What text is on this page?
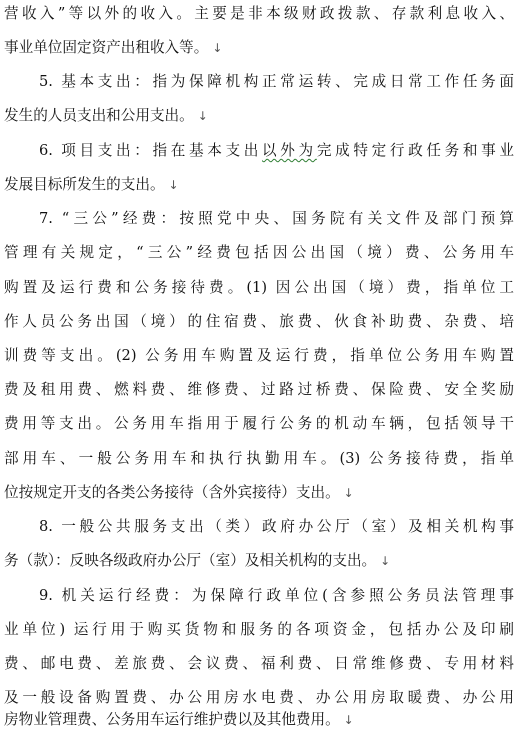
营收入”等以外的收入。主要是非本级财政拨款、存款利息收入、
事业单位固定资产出租收入等。 ↓
5. 基本支出：指为保障机构正常运转、完成日常工作任务面
发生的人员支出和公用支出。 ↓
6. 项目支出：指在基本支出以外为完成特定行政任务和事业
发展目标所发生的支出。 ↓
7. “三公”经费：按照党中央、国务院有关文件及部门预算
管理有关规定，“三公”经费包括因公出国（境）费、公务用车
购置及运行费和公务接待费。(1) 因公出国（境）费，指单位工
作人员公务出国（境）的住宿费、旅费、伙食补助费、杂费、培
训费等支出。(2) 公务用车购置及运行费，指单位公务用车购置
费及租用费、燃料费、维修费、过路过桥费、保险费、安全奖励
费用等支出。公务用车指用于履行公务的机动车辆，包括领导干
部用车、一般公务用车和执行执勤用车。(3) 公务接待费，指单
位按规定开支的各类公务接待（含外宾接待）支出。 ↓
8. 一般公共服务支出（类）政府办公厅（室）及相关机构事
务（款）：反映各级政府办公厅（室）及相关机构的支出。 ↓
9. 机关运行经费：为保障行政单位(含参照公务员法管理事
业单位) 运行用于购买货物和服务的各项资金，包括办公及印刷
费、邮电费、差旅费、会议费、福利费、日常维修费、专用材料
及一般设备购置费、办公用房水电费、办公用房取暖费、办公用
房物业管理费、公务用车运行维护费以及其他费用。 ↓
